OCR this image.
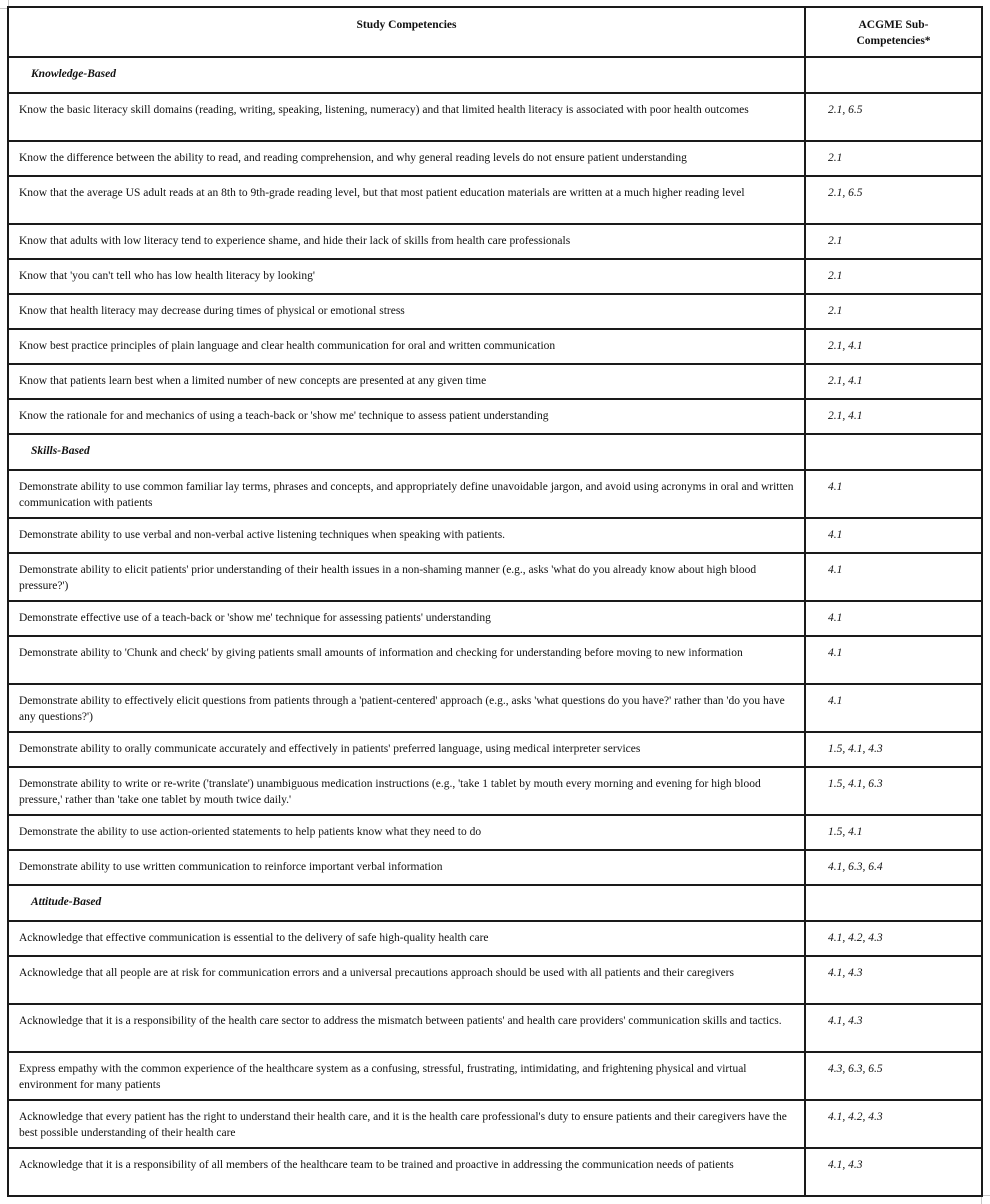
Study Competencies	ACGME Sub-Competencies*

Knowledge-Based	

Know the basic literacy skill domains (reading, writing, speaking, listening, numeracy) and that limited health literacy is associated with poor health outcomes	2.1, 6.5

Know the difference between the ability to read, and reading comprehension, and why general reading levels do not ensure patient understanding	2.1

Know that the average US adult reads at an 8th to 9th-grade reading level, but that most patient education materials are written at a much higher reading level	2.1, 6.5

Know that adults with low literacy tend to experience shame, and hide their lack of skills from health care professionals	2.1

Know that 'you can't tell who has low health literacy by looking'	2.1

Know that health literacy may decrease during times of physical or emotional stress	2.1

Know best practice principles of plain language and clear health communication for oral and written communication	2.1, 4.1

Know that patients learn best when a limited number of new concepts are presented at any given time	2.1, 4.1

Know the rationale for and mechanics of using a teach-back or 'show me' technique to assess patient understanding	2.1, 4.1

Skills-Based	

Demonstrate ability to use common familiar lay terms, phrases and concepts, and appropriately define unavoidable jargon, and avoid using acronyms in oral and written communication with patients	4.1

Demonstrate ability to use verbal and non-verbal active listening techniques when speaking with patients.	4.1

Demonstrate ability to elicit patients' prior understanding of their health issues in a non-shaming manner (e.g., asks 'what do you already know about high blood pressure?')	4.1

Demonstrate effective use of a teach-back or 'show me' technique for assessing patients' understanding	4.1

Demonstrate ability to 'Chunk and check' by giving patients small amounts of information and checking for understanding before moving to new information	4.1

Demonstrate ability to effectively elicit questions from patients through a 'patient-centered' approach (e.g., asks 'what questions do you have?' rather than 'do you have any questions?')	4.1

Demonstrate ability to orally communicate accurately and effectively in patients' preferred language, using medical interpreter services	1.5, 4.1, 4.3

Demonstrate ability to write or re-write ('translate') unambiguous medication instructions (e.g., 'take 1 tablet by mouth every morning and evening for high blood pressure,' rather than 'take one tablet by mouth twice daily.'	1.5, 4.1, 6.3

Demonstrate the ability to use action-oriented statements to help patients know what they need to do	1.5, 4.1

Demonstrate ability to use written communication to reinforce important verbal information	4.1, 6.3, 6.4

Attitude-Based	

Acknowledge that effective communication is essential to the delivery of safe high-quality health care	4.1, 4.2, 4.3

Acknowledge that all people are at risk for communication errors and a universal precautions approach should be used with all patients and their caregivers	4.1, 4.3

Acknowledge that it is a responsibility of the health care sector to address the mismatch between patients' and health care providers' communication skills and tactics.	4.1, 4.3

Express empathy with the common experience of the healthcare system as a confusing, stressful, frustrating, intimidating, and frightening physical and virtual environment for many patients	4.3, 6.3, 6.5

Acknowledge that every patient has the right to understand their health care, and it is the health care professional's duty to ensure patients and their caregivers have the best possible understanding of their health care	4.1, 4.2, 4.3

Acknowledge that it is a responsibility of all members of the healthcare team to be trained and proactive in addressing the communication needs of patients	4.1, 4.3
